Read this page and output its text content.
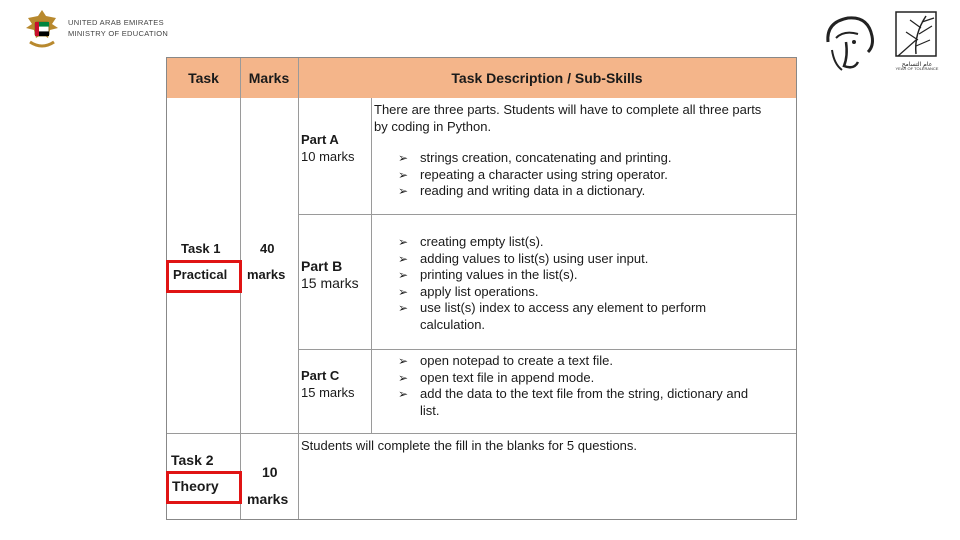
UNITED ARAB EMIRATES
MINISTRY OF EDUCATION
عام التسامح
YEAR OF TOLERANCE
Task	Marks	Task Description / Sub-Skills
Task 1
Practical
40
marks
There are three parts. Students will have to complete all three parts
by coding in Python.
Part A
10 marks
➢	strings creation, concatenating and printing.
➢ repeating a character using string operator.
➢ reading and writing data in a dictionary.
Part B
15 marks
➢ creating empty list(s).
➢ adding values to list(s) using user input.
➢ printing values in the list(s).
➢ apply list operations.
➢ use list(s) index to access any element to perform
calculation.
Part C
15 marks
➢ open notepad to create a text file.
➢ open text file in append mode.
➢ add the data to the text file from the string, dictionary and
list.
Task 2
Theory
10
marks
Students will complete the fill in the blanks for 5 questions.
